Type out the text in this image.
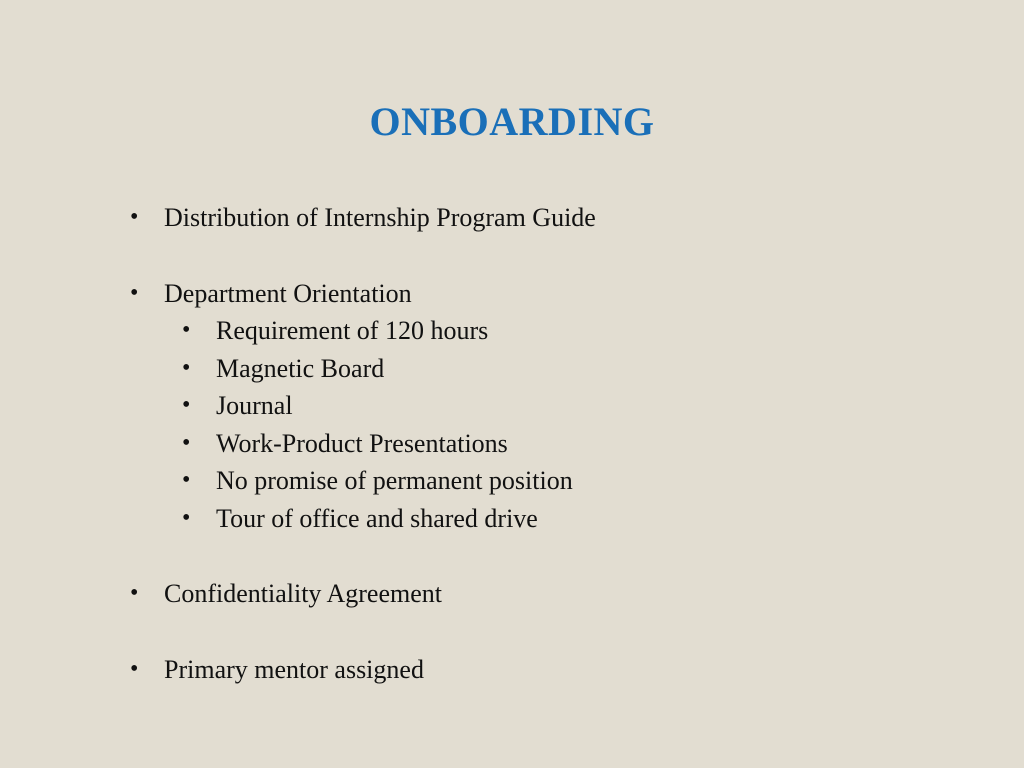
ONBOARDING
• Distribution of Internship Program Guide
• Department Orientation
• Requirement of 120 hours
• Magnetic Board
• Journal
• Work-Product Presentations
• No promise of permanent position
• Tour of office and shared drive
• Confidentiality Agreement
• Primary mentor assigned
